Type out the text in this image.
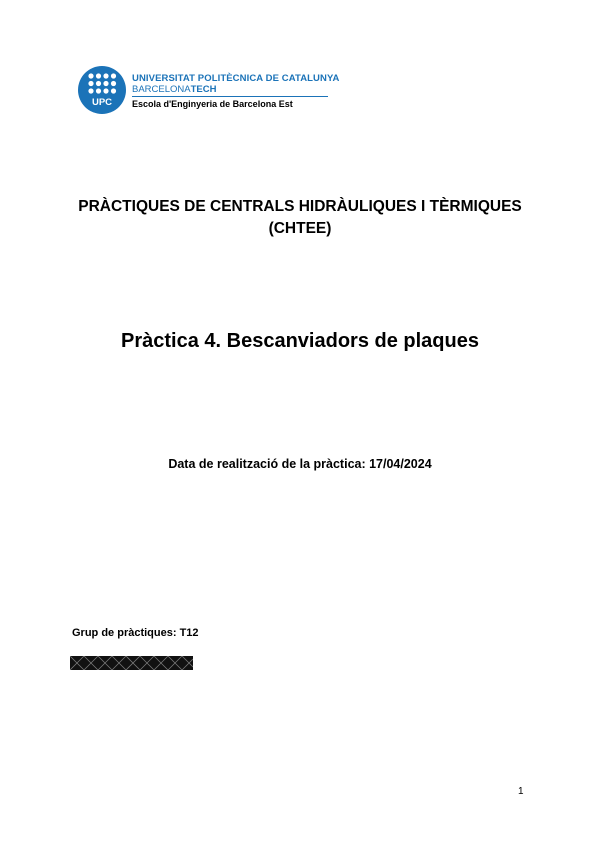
UPC
UNIVERSITAT POLITÈCNICA DE CATALUNYA
BARCELONATECH
Escola d'Enginyeria de Barcelona Est
PRÀCTIQUES DE CENTRALS HIDRÀULIQUES I TÈRMIQUES
(CHTEE)
Pràctica 4. Bescanviadors de plaques
Data de realització de la pràctica: 17/04/2024
Grup de pràctiques: T12
1
